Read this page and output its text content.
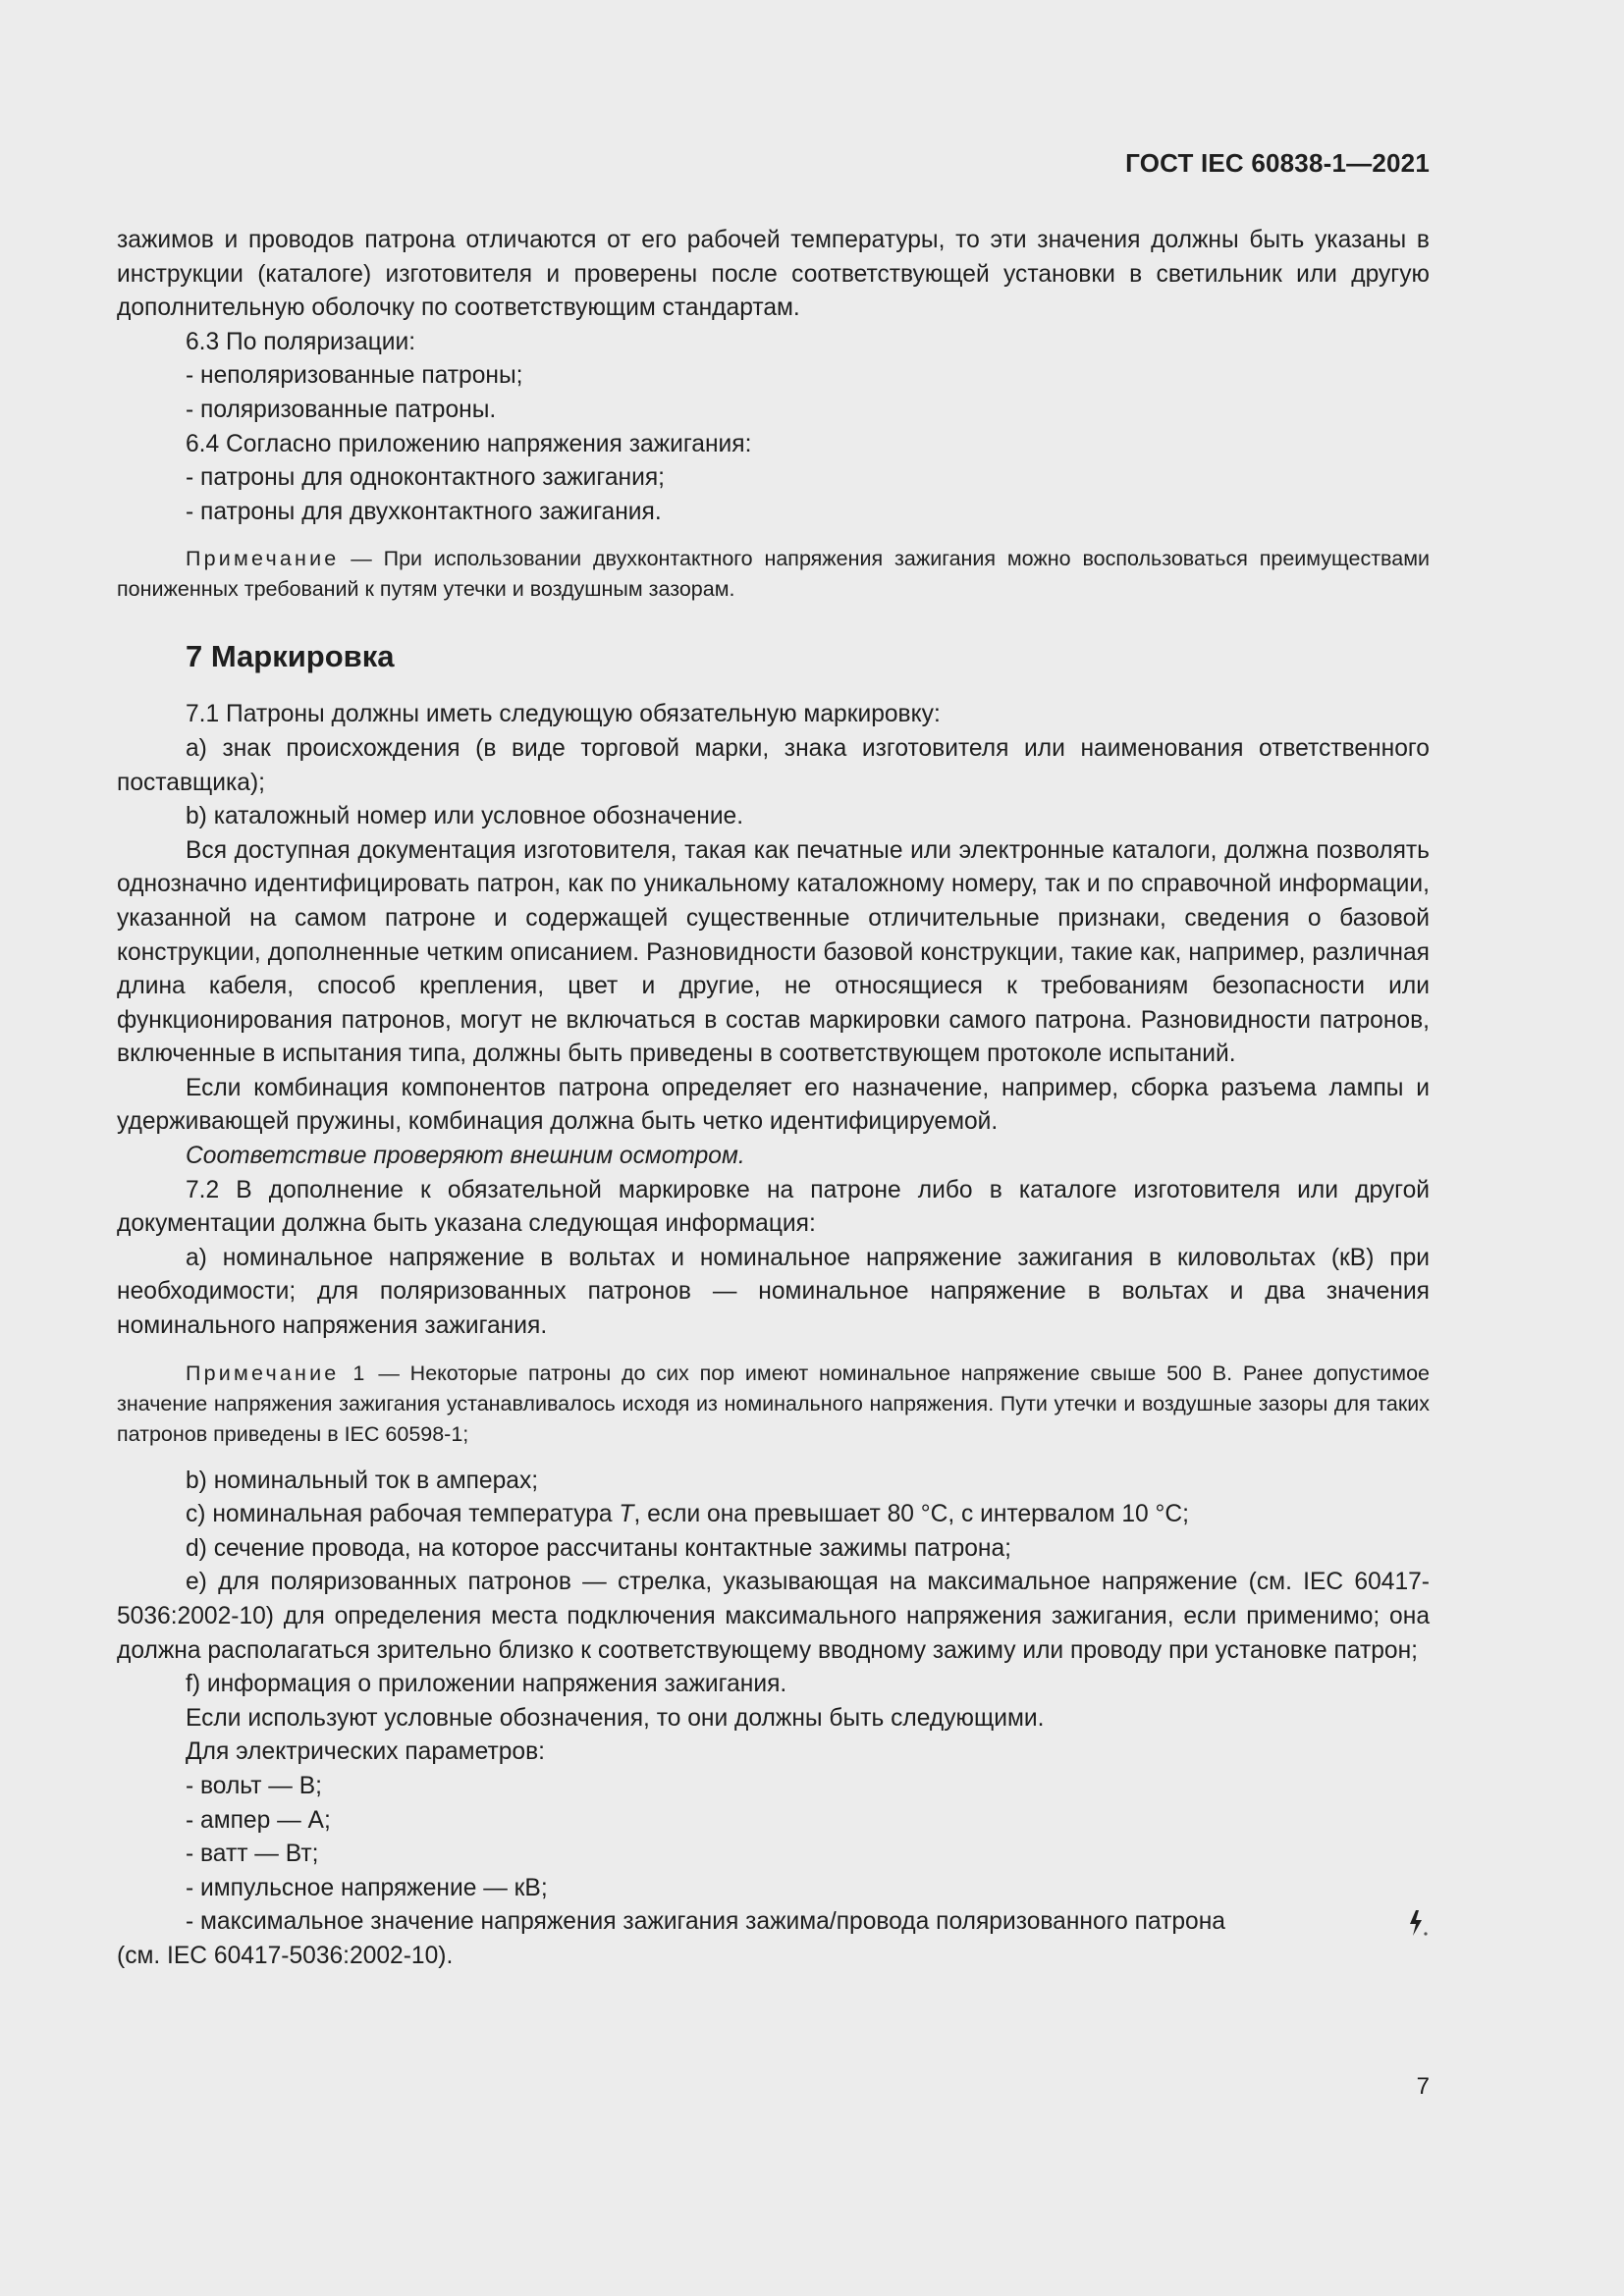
ГОСТ IEC 60838-1—2021

зажимов и проводов патрона отличаются от его рабочей температуры, то эти значения должны быть указаны в инструкции (каталоге) изготовителя и проверены после соответствующей установки в светильник или другую дополнительную оболочку по соответствующим стандартам.

6.3 По поляризации:

- неполяризованные патроны;

- поляризованные патроны.

6.4 Согласно приложению напряжения зажигания:

- патроны для одноконтактного зажигания;

- патроны для двухконтактного зажигания.

Примечание — При использовании двухконтактного напряжения зажигания можно воспользоваться преимуществами пониженных требований к путям утечки и воздушным зазорам.

7 Маркировка

7.1 Патроны должны иметь следующую обязательную маркировку:

а) знак происхождения (в виде торговой марки, знака изготовителя или наименования ответственного поставщика);

b) каталожный номер или условное обозначение.

Вся доступная документация изготовителя, такая как печатные или электронные каталоги, должна позволять однозначно идентифицировать патрон, как по уникальному каталожному номеру, так и по справочной информации, указанной на самом патроне и содержащей существенные отличительные признаки, сведения о базовой конструкции, дополненные четким описанием. Разновидности базовой конструкции, такие как, например, различная длина кабеля, способ крепления, цвет и другие, не относящиеся к требованиям безопасности или функционирования патронов, могут не включаться в состав маркировки самого патрона. Разновидности патронов, включенные в испытания типа, должны быть приведены в соответствующем протоколе испытаний.

Если комбинация компонентов патрона определяет его назначение, например, сборка разъема лампы и удерживающей пружины, комбинация должна быть четко идентифицируемой.

Соответствие проверяют внешним осмотром.

7.2 В дополнение к обязательной маркировке на патроне либо в каталоге изготовителя или другой документации должна быть указана следующая информация:

а) номинальное напряжение в вольтах и номинальное напряжение зажигания в киловольтах (кВ) при необходимости; для поляризованных патронов — номинальное напряжение в вольтах и два значения номинального напряжения зажигания.

Примечание 1 — Некоторые патроны до сих пор имеют номинальное напряжение свыше 500 В. Ранее допустимое значение напряжения зажигания устанавливалось исходя из номинального напряжения. Пути утечки и воздушные зазоры для таких патронов приведены в IEC 60598-1;

b) номинальный ток в амперах;

c) номинальная рабочая температура T, если она превышает 80 °С, с интервалом 10 °С;

d) сечение провода, на которое рассчитаны контактные зажимы патрона;

e) для поляризованных патронов — стрелка, указывающая на максимальное напряжение (см. IEC 60417-5036:2002-10) для определения места подключения максимального напряжения зажигания, если применимо; она должна располагаться зрительно близко к соответствующему вводному зажиму или проводу при установке патрон;

f) информация о приложении напряжения зажигания.

Если используют условные обозначения, то они должны быть следующими.

Для электрических параметров:

- вольт — В;

- ампер — А;

- ватт — Вт;

- импульсное напряжение — кВ;

- максимальное значение напряжения зажигания зажима/провода поляризованного патрона

(см. IEC 60417-5036:2002-10).

7
